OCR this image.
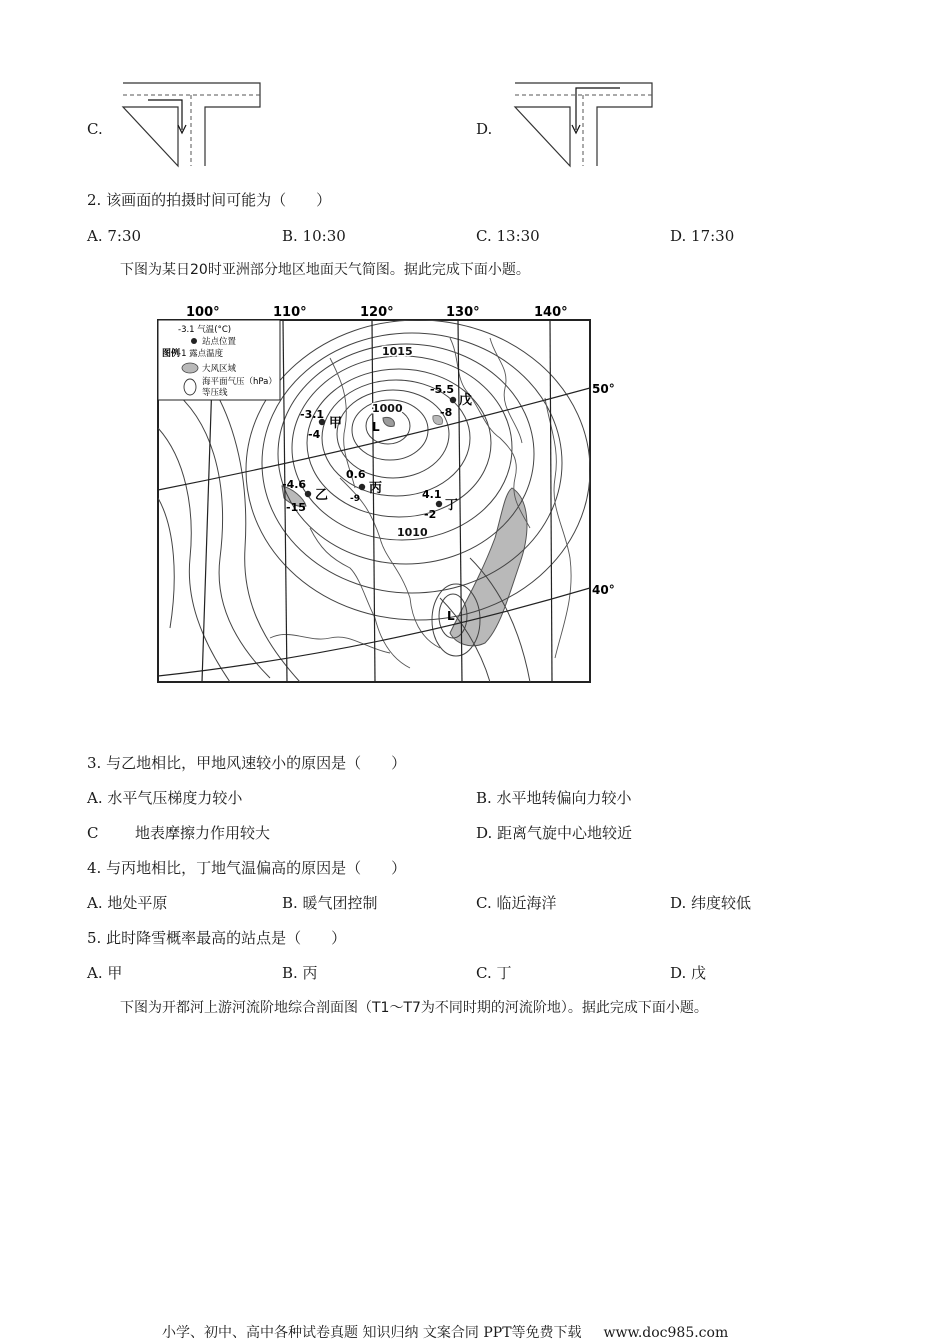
C.	D.
2. 该画面的拍摄时间可能为（　　）
A. 7:30	B. 10:30	C. 13:30	D. 17:30
下图为某日20时亚洲部分地区地面天气简图。据此完成下面小题。
100°	110°	120°	130°	140°
图例
-3.1 气温(°C)
站点位置
-1 露点温度
大风区域
海平面气压（hPa）
等压线	50°
40°
1015
1000
1010
L
L
-3.1
-4
甲
-4.6
-15
乙
0.6
-9
丙	4.1
-2
丁
-5.5
-8
戊
3. 与乙地相比，甲地风速较小的原因是（　　）
A. 水平气压梯度力较小	B. 水平地转偏向力较小
C 地表摩擦力作用较大	D. 距离气旋中心地较近
4. 与丙地相比，丁地气温偏高的原因是（　　）
A. 地处平原	B. 暖气团控制	C. 临近海洋	D. 纬度较低
5. 此时降雪概率最高的站点是（　　）
A. 甲	B. 丙	C. 丁	D. 戊
下图为开都河上游河流阶地综合剖面图（T1～T7为不同时期的河流阶地）。据此完成下面小题。
小学、初中、高中各种试卷真题 知识归纳 文案合同 PPT等免费下载 www.doc985.com
